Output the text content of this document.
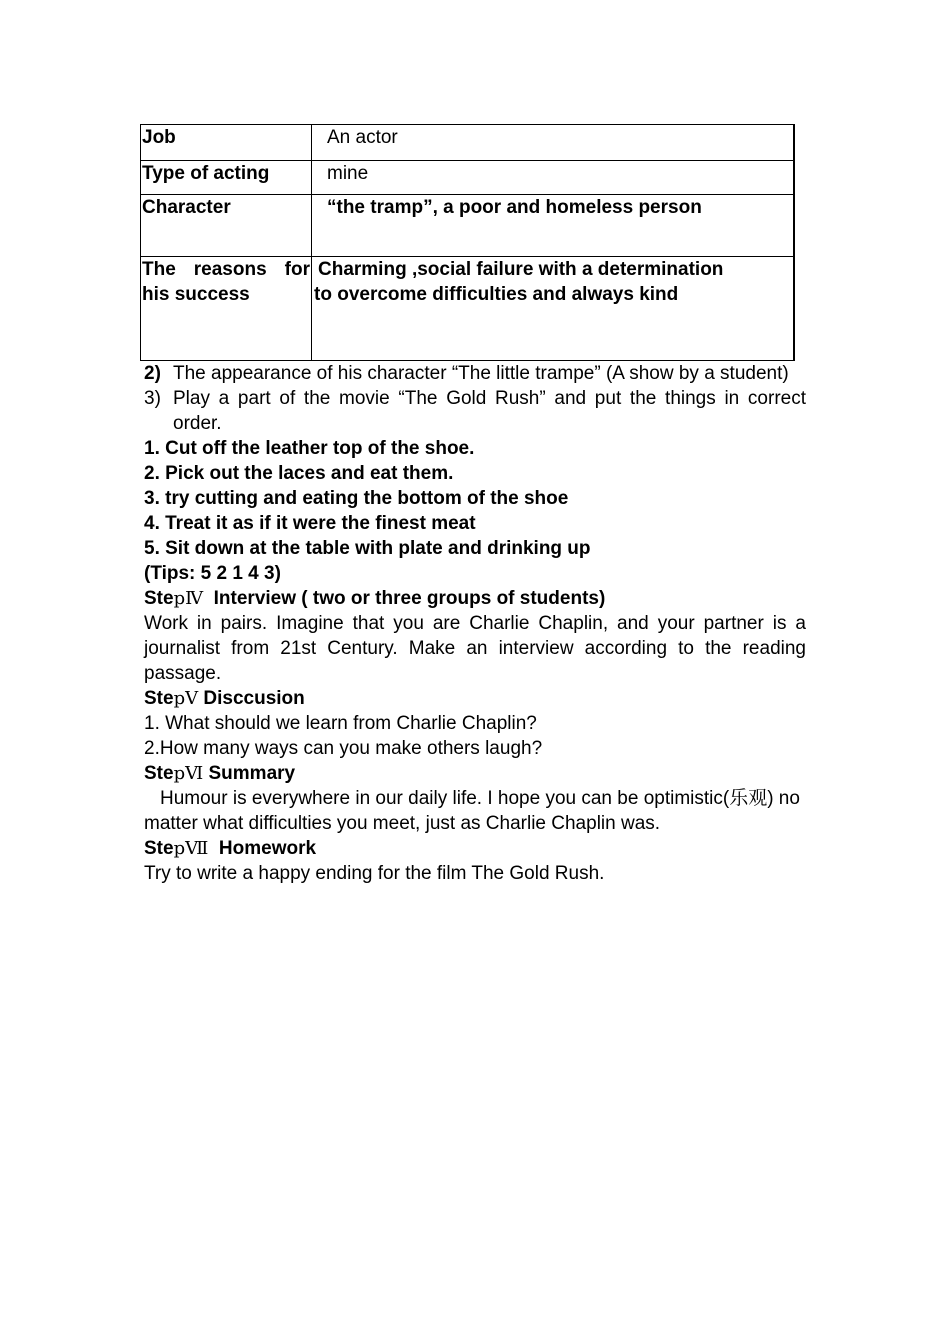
Job	An actor
Type of acting	mine
Character	“the tramp”, a poor and homeless person
The reasons for his success	Charming ,social failure with a determination
to overcome difficulties and always kind
2) The appearance of his character “The little trampe” (A show by a student)
3) Play a part of the movie “The Gold Rush” and put the things in correct order.

1. Cut off the leather top of the shoe.

2. Pick out the laces and eat them.

3. try cutting and eating the bottom of the shoe

4. Treat it as if it were the finest meat

5. Sit down at the table with plate and drinking up

(Tips: 5 2 1 4 3)

StepⅣ  Interview ( two or three groups of students)

Work in pairs. Imagine that you are Charlie Chaplin, and your partner is a journalist from 21st Century. Make an interview according to the reading passage.

StepⅤ Disccusion

1. What should we learn from Charlie Chaplin?

2.How many ways can you make others laugh?

StepⅥ Summary

Humour is everywhere in our daily life. I hope you can be optimistic(乐观) no matter what difficulties you meet, just as Charlie Chaplin was.

StepⅦ  Homework

Try to write a happy ending for the film The Gold Rush.
